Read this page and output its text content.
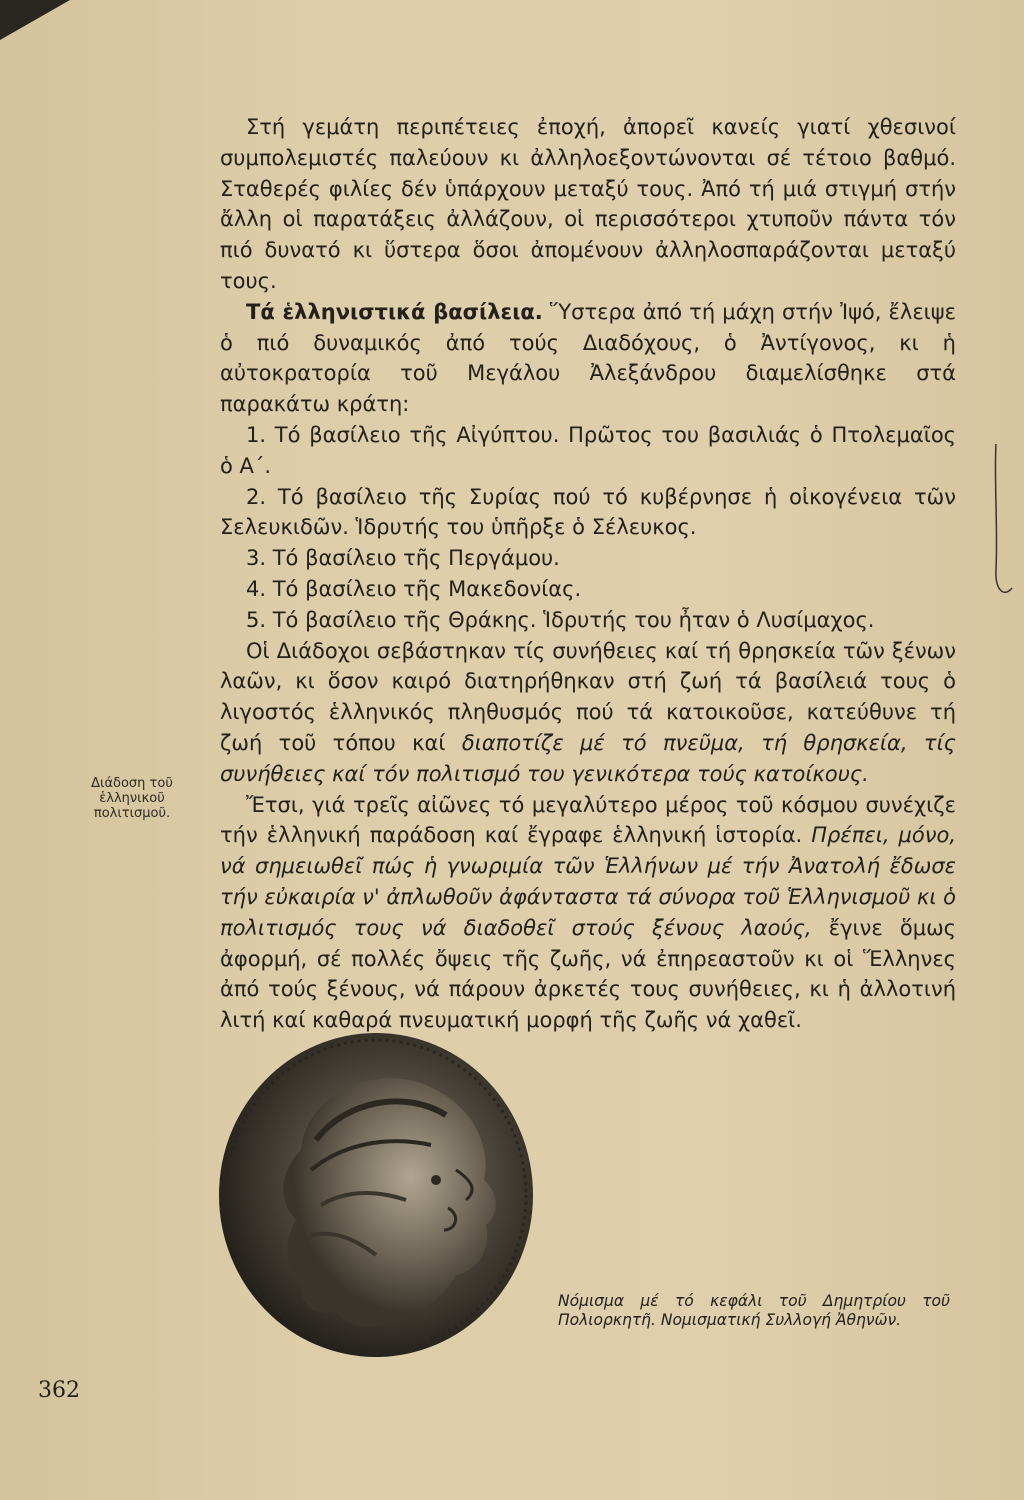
Στή γεμάτη περιπέτειες ἐποχή, ἀπορεῖ κανείς γιατί χθεσινοί συμπολεμιστές παλεύουν κι ἀλληλοεξοντώνονται σέ τέτοιο βαθμό. Σταθερές φιλίες δέν ὑπάρχουν μεταξύ τους. Ἀπό τή μιά στιγμή στήν ἄλλη οἱ παρατάξεις ἀλλάζουν, οἱ περισσότεροι χτυποῦν πάντα τόν πιό δυνατό κι ὕστερα ὅσοι ἀπομένουν ἀλληλοσπαράζονται μεταξύ τους.

Τά ἑλληνιστικά βασίλεια. Ὕστερα ἀπό τή μάχη στήν Ἰψό, ἔλειψε ὁ πιό δυναμικός ἀπό τούς Διαδόχους, ὁ Ἀντίγονος, κι ἡ αὐτοκρατορία τοῦ Μεγάλου Ἀλεξάνδρου διαμελίσθηκε στά παρακάτω κράτη:

1. Τό βασίλειο τῆς Αἰγύπτου. Πρῶτος του βασιλιάς ὁ Πτολεμαῖος ὁ Α΄.

2. Τό βασίλειο τῆς Συρίας πού τό κυβέρνησε ἡ οἰκογένεια τῶν Σελευκιδῶν. Ἱδρυτής του ὑπῆρξε ὁ Σέλευκος.

3. Τό βασίλειο τῆς Περγάμου.

4. Τό βασίλειο τῆς Μακεδονίας.

5. Τό βασίλειο τῆς Θράκης. Ἱδρυτής του ἦταν ὁ Λυσίμαχος.

Οἱ Διάδοχοι σεβάστηκαν τίς συνήθειες καί τή θρησκεία τῶν ξένων λαῶν, κι ὅσον καιρό διατηρήθηκαν στή ζωή τά βασίλειά τους ὁ λιγοστός ἑλληνικός πληθυσμός πού τά κατοικοῦσε, κατεύθυνε τή ζωή τοῦ τόπου καί διαποτίζε μέ τό πνεῦμα, τή θρησκεία, τίς συνήθειες καί τόν πολιτισμό του γενικότερα τούς κατοίκους.

Ἔτσι, γιά τρεῖς αἰῶνες τό μεγαλύτερο μέρος τοῦ κόσμου συνέχιζε τήν ἑλληνική παράδοση καί ἔγραφε ἑλληνική ἱστορία. Πρέπει, μόνο, νά σημειωθεῖ πώς ἡ γνωριμία τῶν Ἑλλήνων μέ τήν Ἀνατολή ἔδωσε τήν εὐκαιρία ν' ἀπλωθοῦν ἀφάνταστα τά σύνορα τοῦ Ἑλληνισμοῦ κι ὁ πολιτισμός τους νά διαδοθεῖ στούς ξένους λαούς, ἔγινε ὅμως ἀφορμή, σέ πολλές ὄψεις τῆς ζωῆς, νά ἐπηρεαστοῦν κι οἱ Ἕλληνες ἀπό τούς ξένους, νά πάρουν ἀρκετές τους συνήθειες, κι ἡ ἀλλοτινή λιτή καί καθαρά πνευματική μορφή τῆς ζωῆς νά χαθεῖ.

Διάδοση τοῦ ἑλληνικοῦ πολιτισμοῦ.
Νόμισμα μέ τό κεφάλι τοῦ Δημητρίου τοῦ Πολιορκητῆ. Νομισματική Συλλογή Ἀθηνῶν.
362
